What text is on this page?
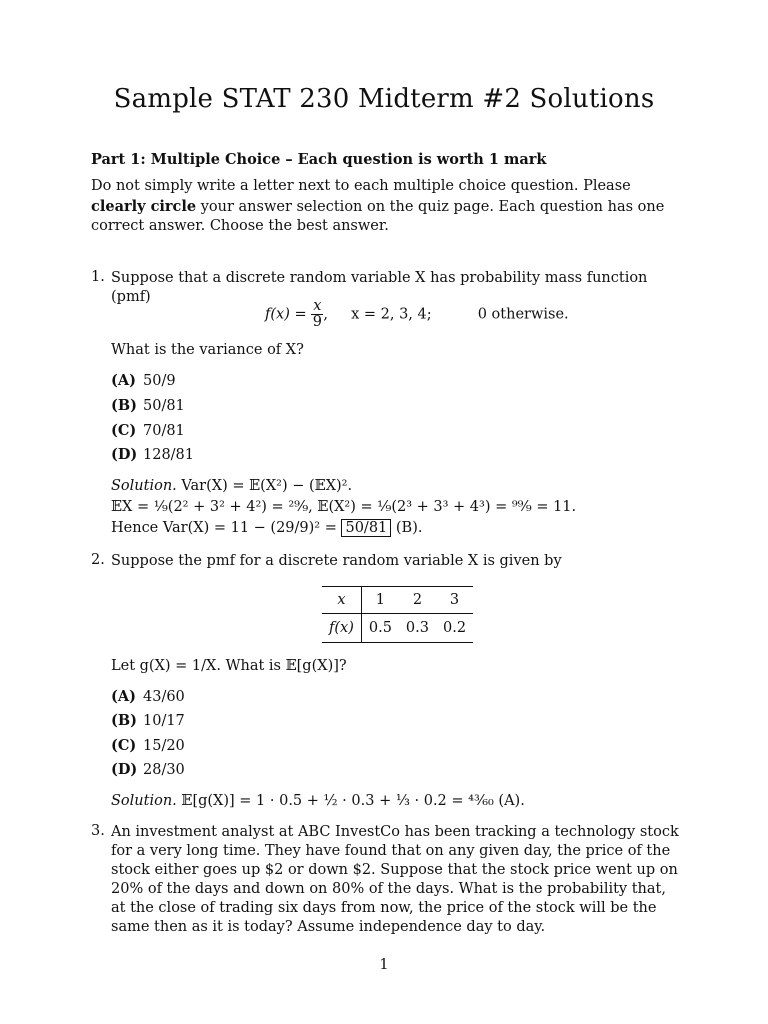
Sample STAT 230 Midterm #2 Solutions
Part 1: Multiple Choice – Each question is worth 1 mark
Do not simply write a letter next to each multiple choice question. Please clearly circle your answer selection on the quiz page. Each question has one correct answer. Choose the best answer.
1. Suppose that a discrete random variable X has probability mass function (pmf)
$f(x) = \frac{x}{9}$ ,     x = 2, 3, 4;          0 otherwise.
What is the variance of X?
(A) 50/9
(B) 50/81
(C) 70/81
(D) 128/81
Solution. Var(X) = 𝔼(X²) − (𝔼X)².
𝔼X = ¹⁄₉(2² + 3² + 4²) = ²⁹⁄₉, 𝔼(X²) = ¹⁄₉(2³ + 3³ + 4³) = ⁹⁹⁄₉ = 11.
Hence Var(X) = 11 − (29/9)² = 50/81 (B).
2. Suppose the pmf for a discrete random variable X is given by
x	1	2	3
f(x)	0.5	0.3	0.2
Let g(X) = 1/X. What is 𝔼[g(X)]?
(A) 43/60
(B) 10/17
(C) 15/20
(D) 28/30
Solution. 𝔼[g(X)] = 1 · 0.5 + ½ · 0.3 + ⅓ · 0.2 = ⁴³⁄₆₀ (A).
3. An investment analyst at ABC InvestCo has been tracking a technology stock for a very long time. They have found that on any given day, the price of the stock either goes up $2 or down $2. Suppose that the stock price went up on 20% of the days and down on 80% of the days. What is the probability that, at the close of trading six days from now, the price of the stock will be the same then as it is today? Assume independence day to day.
1
